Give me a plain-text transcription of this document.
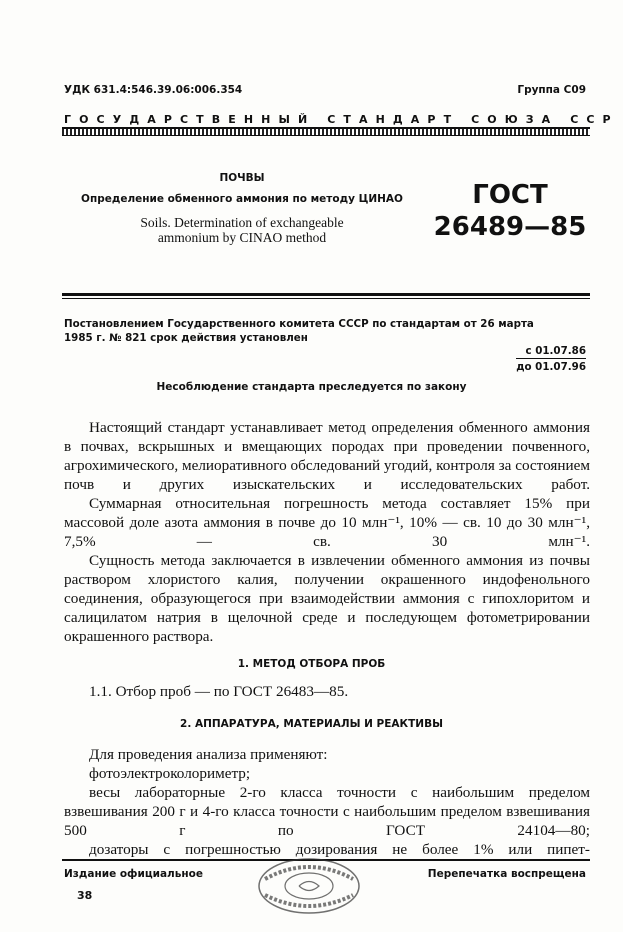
УДК 631.4:546.39.06:006.354	Группа С09
ГОСУДАРСТВЕННЫЙ СТАНДАРТ СОЮЗА ССР
ПОЧВЫ
Определение обменного аммония по методу ЦИНАО
Soils. Determination of exchangeable
ammonium by CINAO method
ГОСТ
26489—85
Постановлением Государственного комитета СССР по стандартам от 26 марта
1985 г. № 821 срок действия установлен
с 01.07.86
до 01.07.96
Несоблюдение стандарта преследуется по закону

Настоящий стандарт устанавливает метод определения обменного аммония в почвах, вскрышных и вмещающих породах при проведении почвенного, агрохимического, мелиоративного обследований угодий, контроля за состоянием почв и других изыскательских и исследовательских работ.

Суммарная относительная погрешность метода составляет 15% при массовой доле азота аммония в почве до 10 млн⁻¹, 10% — св. 10 до 30 млн⁻¹, 7,5% — св. 30 млн⁻¹.

Сущность метода заключается в извлечении обменного аммония из почвы раствором хлористого калия, получении окрашенного индофенольного соединения, образующегося при взаимодействии аммония с гипохлоритом и салицилатом натрия в щелочной среде и последующем фотометрировании окрашенного раствора.

1. МЕТОД ОТБОРА ПРОБ

1.1. Отбор проб — по ГОСТ 26483—85.

2. АППАРАТУРА, МАТЕРИАЛЫ И РЕАКТИВЫ

Для проведения анализа применяют:

фотоэлектроколориметр;

весы лабораторные 2-го класса точности с наибольшим пределом взвешивания 200 г и 4-го класса точности с наибольшим пределом взвешивания 500 г по ГОСТ 24104—80;

дозаторы с погрешностью дозирования не более 1% или пипет-

Издание официальное	Перепечатка воспрещена
38
